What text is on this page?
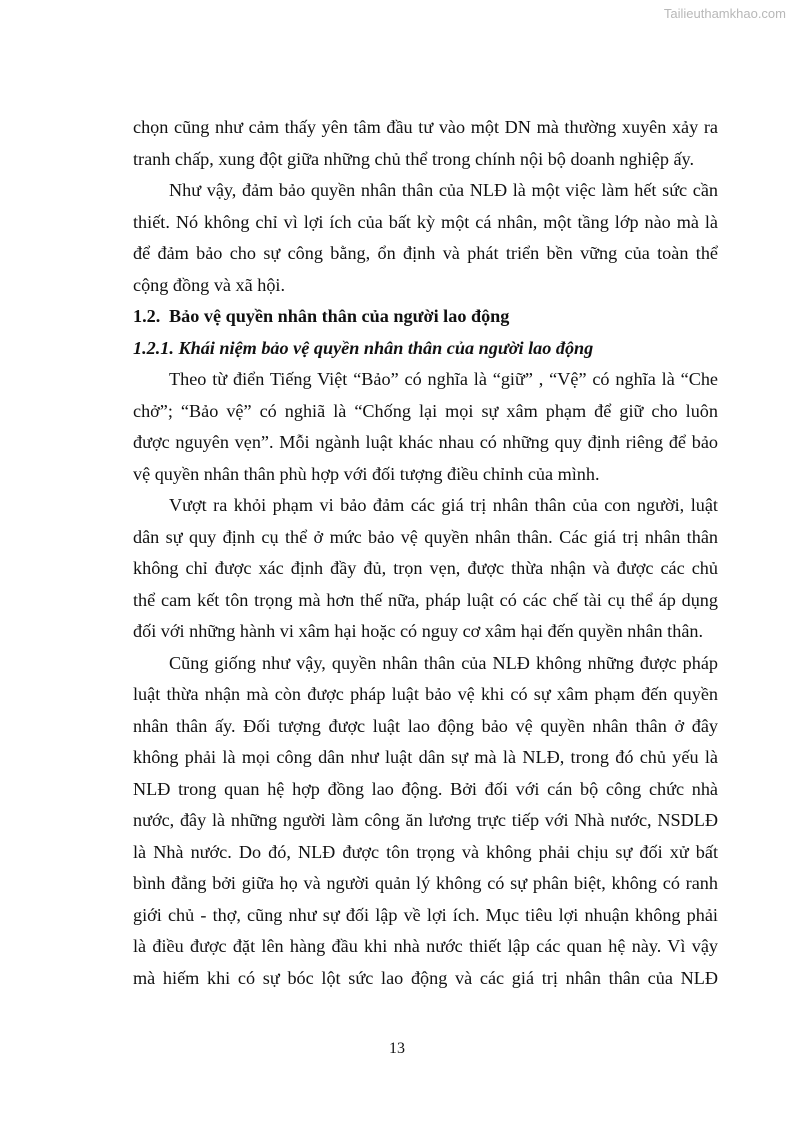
Tailieuthamkhao.com
chọn cũng như cảm thấy yên tâm đầu tư vào một DN mà thường xuyên xảy ra
tranh chấp, xung đột giữa những chủ thể trong chính nội bộ doanh nghiệp ấy.
Như vậy, đảm bảo quyền nhân thân của NLĐ là một việc làm hết sức cần
thiết. Nó không chỉ vì lợi ích của bất kỳ một cá nhân, một tầng lớp nào mà là
để đảm bảo cho sự công bằng, ổn định và phát triển bền vững của toàn thể
cộng đồng và xã hội.
1.2. Bảo vệ quyền nhân thân của người lao động
1.2.1. Khái niệm bảo vệ quyền nhân thân của người lao động
Theo từ điển Tiếng Việt “Bảo” có nghĩa là “giữ” , “Vệ” có nghĩa là “Che
chở”; “Bảo vệ” có nghiã là “Chống lại mọi sự xâm phạm để giữ cho luôn
được nguyên vẹn”. Mỗi ngành luật khác nhau có những quy định riêng để bảo
vệ quyền nhân thân phù hợp với đối tượng điều chỉnh của mình.
Vượt ra khỏi phạm vi bảo đảm các giá trị nhân thân của con người, luật
dân sự quy định cụ thể ở mức bảo vệ quyền nhân thân. Các giá trị nhân thân
không chỉ được xác định đầy đủ, trọn vẹn, được thừa nhận và được các chủ
thể cam kết tôn trọng mà hơn thế nữa, pháp luật có các chế tài cụ thể áp dụng
đối với những hành vi xâm hại hoặc có nguy cơ xâm hại đến quyền nhân thân.
Cũng giống như vậy, quyền nhân thân của NLĐ không những được pháp
luật thừa nhận mà còn được pháp luật bảo vệ khi có sự xâm phạm đến quyền
nhân thân ấy. Đối tượng được luật lao động bảo vệ quyền nhân thân ở đây
không phải là mọi công dân như luật dân sự mà là NLĐ, trong đó chủ yếu là
NLĐ trong quan hệ hợp đồng lao động. Bởi đối với cán bộ công chức nhà
nước, đây là những người làm công ăn lương trực tiếp với Nhà nước, NSDLĐ
là Nhà nước. Do đó, NLĐ được tôn trọng và không phải chịu sự đối xử bất
bình đẳng bởi giữa họ và người quản lý không có sự phân biệt, không có ranh
giới chủ - thợ, cũng như sự đối lập về lợi ích. Mục tiêu lợi nhuận không phải
là điều được đặt lên hàng đầu khi nhà nước thiết lập các quan hệ này. Vì vậy
mà hiếm khi có sự bóc lột sức lao động và các giá trị nhân thân của NLĐ
13
